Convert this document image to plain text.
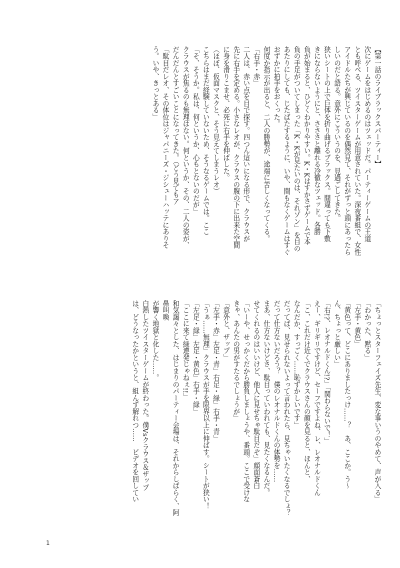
【第一話のライブラックスパーティー】
次にゲームをはじめるのはツェッドだ。パーティーゲームの王道
とも呼べる、ツイスターゲームが用意されていた。深夜番組で、女性
アイドルたちが興じているのを偶然見て、それがずっと頭にあったら
しいのだと語る。意外にこういうのを、見過ごしてきた。
狭いシートの上で巨体を折り曲げるブラックス。間違っても下敷
きにならないようにと、さささと離れる冷徹なツェッド。各勝
負が始まると、ひどくわかりやすい。K・Kはすかさずゲームで本
負の手足がついてしまった「K・Kが見たいのは、それゾン」を目の
あたりにしても、じたばたするように、いや、間もなくゲームはすぐ
おずかに拍手をおくった。
何度か指示が出ると、二人の勝勢が、途端に苦しくなってくる。
「右手・赤」
二人は、赤い点を目で探す。四つん這いになる形で、クラウスが
先に右手を定める。小さなレオが、クラウスの腹の下に出来た空間
に身を滑りこませ、必死に右手を伸ばした。
（ほぼ、仮面マスクと、そう見えてしまうレオ）
こちらはまだ経験していないため、そうなるゲームでは。ここ
「そ、そうか。私は、何というか、心もとないのだが」
クラウスが焦るのも無理はない。何というか、その、二人の姿が、
だんだんとすごいことになってきた。（どう見てもア
「駄目だレオ、その体位はジャパニーズ・ジシューハッテにありそ
う。いや、きっとある」
「ちょっとスターフェイズ先生、変な事いうのやめて、声が入る」
「わかった、黙る」
「左手・黄色」
「黄色って、どこにありましたっけ……？　あ、ここか。う～
ん、ちょっと厳しい」
「右!?、レオナルドくん!?」「関わらないで！」
えー、ギリギリですけど、セーフですよね、レ、レオナルドくん
「こ、これだけ近くでクラウスさんの顔を見ると、ほんと、
なんだか、すっごく……恥ずかしいです」
だってば、見せられないよって言われたら、見ちゃいたくなるでしょ？
だって仕方ないだろう？　僕のレオナルドくんの体勢を……
まあ、仕方ないけどさ、駄目っていわれても、見たくなるんだ。
せてくれるのはいいけど、他人に見せちゃ駄目だぞ」顔面蒼白
「いーや、せっかくだから勝負しましょうや、番頭。ここで受けな
きゃ、あんたの男がすたるでしょうが」
「意外と、ザップ」
「左手・赤」左足・青」右足・緑」右手・青」
「うぁ……無理」クラウスが手を限界以上に伸ばす。シートが狭い！
「左足・緑」左足・黄色」右手・緑」
「ここに来て緑連発じゃねぇ!!」
和気藹々とした、はじまりのパーティー会場は、それからしばらく、阿鼻叫喚
が響く地獄と化した……。
白熱したツイスターゲームが終わった。僕Vsクラウス＆ザップ
は、どうなったかというと、組んず解れつ……　ビデオを回してい
1
